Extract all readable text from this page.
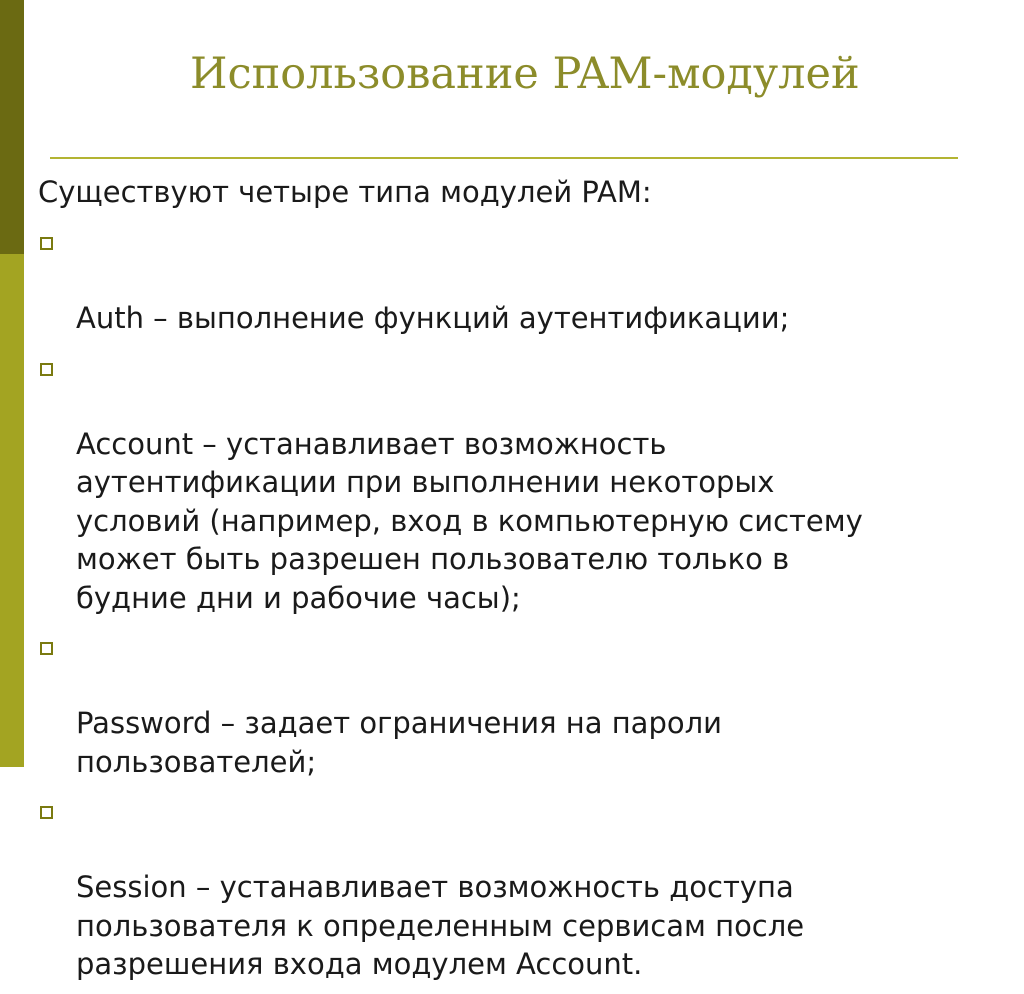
Использование PAM-модулей
Существуют четыре типа модулей PAM:

Auth – выполнение функций аутентификации;

Account – устанавливает возможность
аутентификации при выполнении некоторых
условий (например, вход в компьютерную систему
может быть разрешен пользователю только в
будние дни и рабочие часы);

Password – задает ограничения на пароли
пользователей;

Session – устанавливает возможность доступа
пользователя к определенным сервисам после
разрешения входа модулем Account.
